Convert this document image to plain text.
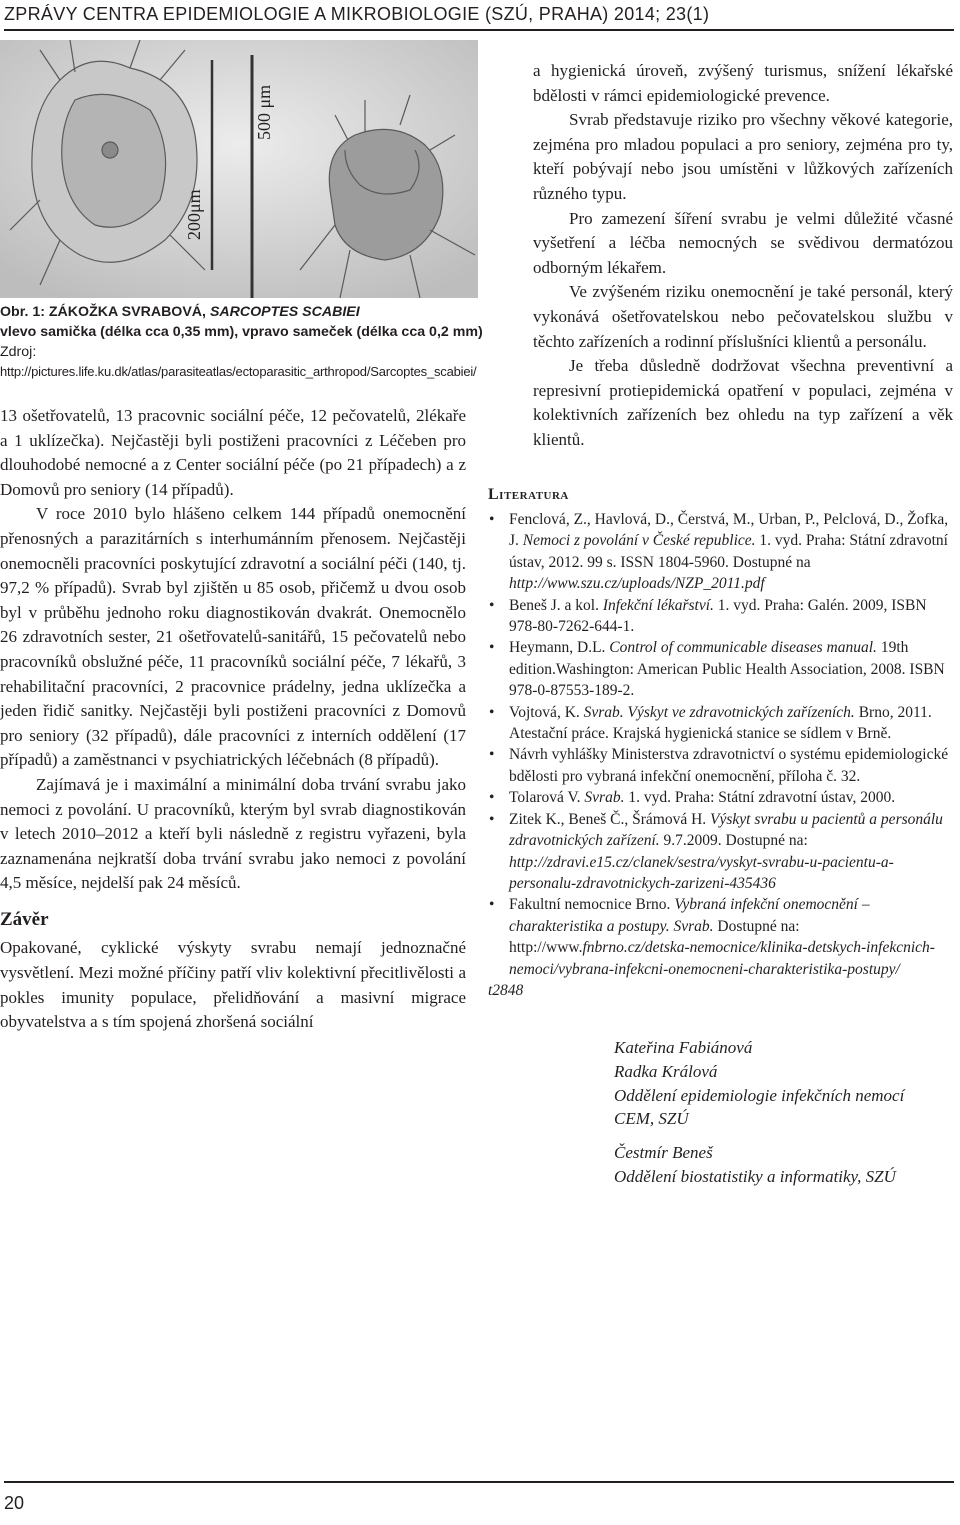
ZPRÁVY CENTRA EPIDEMIOLOGIE A MIKROBIOLOGIE (SZÚ, PRAHA) 2014; 23(1)
200μm
500 μm
Obr. 1: ZÁKOŽKA SVRABOVÁ, SARCOPTES SCABIEI
vlevo samička (délka cca 0,35 mm), vpravo sameček (délka cca 0,2 mm)
Zdroj:
http://pictures.life.ku.dk/atlas/parasiteatlas/ectoparasitic_arthropod/Sarcoptes_scabiei/

13 ošetřovatelů, 13 pracovnic sociální péče, 12 pečovatelů, 2lékaře a 1 uklízečka). Nejčastěji byli postiženi pracovníci z Léčeben pro dlouhodobé nemocné a z Center sociální péče (po 21 případech) a z Domovů pro seniory (14 případů).

V roce 2010 bylo hlášeno celkem 144 případů onemocnění přenosných a parazitárních s interhumánním přenosem. Nejčastěji onemocněli pracovníci poskytující zdravotní a sociální péči (140, tj. 97,2 % případů). Svrab byl zjištěn u 85 osob, přičemž u dvou osob byl v průběhu jednoho roku diagnostikován dvakrát. Onemocnělo 26 zdravotních sester, 21 ošetřovatelů-sanitářů, 15 pečovatelů nebo pracovníků obslužné péče, 11 pracovníků sociální péče, 7 lékařů, 3 rehabilitační pracovníci, 2 pracovnice prádelny, jedna uklízečka a jeden řidič sanitky. Nejčastěji byli postiženi pracovníci z Domovů pro seniory (32 případů), dále pracovníci z interních oddělení (17 případů) a zaměstnanci v psychiatrických léčebnách (8 případů).

Zajímavá je i maximální a minimální doba trvání svrabu jako nemoci z povolání. U pracovníků, kterým byl svrab diagnostikován v letech 2010–2012 a kteří byli následně z registru vyřazeni, byla zaznamenána nejkratší doba trvání svrabu jako nemoci z povolání 4,5 měsíce, nejdelší pak 24 měsíců.

Závěr

Opakované, cyklické výskyty svrabu nemají jednoznačné vysvětlení. Mezi možné příčiny patří vliv kolektivní přecitlivělosti a pokles imunity populace, přelidňování a masivní migrace obyvatelstva a s tím spojená zhoršená sociální

a hygienická úroveň, zvýšený turismus, snížení lékařské bdělosti v rámci epidemiologické prevence.

Svrab představuje riziko pro všechny věkové kategorie, zejména pro mladou populaci a pro seniory, zejména pro ty, kteří pobývají nebo jsou umístěni v lůžkových zařízeních různého typu.

Pro zamezení šíření svrabu je velmi důležité včasné vyšetření a léčba nemocných se svědivou dermatózou odborným lékařem.

Ve zvýšeném riziku onemocnění je také personál, který vykonává ošetřovatelskou nebo pečovatelskou službu v těchto zařízeních a rodinní příslušníci klientů a personálu.

Je třeba důsledně dodržovat všechna preventivní a represivní protiepidemická opatření v populaci, zejména v kolektivních zařízeních bez ohledu na typ zařízení a věk klientů.

Literatura
• Fenclová, Z., Havlová, D., Čerstvá, M., Urban, P., Pelclová, D., Žofka, J. Nemoci z povolání v České republice. 1. vyd. Praha: Státní zdravotní ústav, 2012. 99 s. ISSN 1804-5960. Dostupné na http://www.szu.cz/uploads/NZP_2011.pdf
• Beneš J. a kol. Infekční lékařství. 1. vyd. Praha: Galén. 2009, ISBN 978-80-7262-644-1.
• Heymann, D.L. Control of communicable diseases manual. 19th edition.Washington: American Public Health Association, 2008. ISBN 978-0-87553-189-2.
• Vojtová, K. Svrab. Výskyt ve zdravotnických zařízeních. Brno, 2011. Atestační práce. Krajská hygienická stanice se sídlem v Brně.
• Návrh vyhlášky Ministerstva zdravotnictví o systému epidemiologické bdělosti pro vybraná infekční onemocnění, příloha č. 32.
• Tolarová V. Svrab. 1. vyd. Praha: Státní zdravotní ústav, 2000.
• Zitek K., Beneš Č., Šrámová H. Výskyt svrabu u pacientů a personálu zdravotnických zařízení. 9.7.2009. Dostupné na: http://zdravi.e15.cz/clanek/sestra/vyskyt-svrabu-u-pacientu-a-personalu-zdravotnickych-zarizeni-435436
• Fakultní nemocnice Brno. Vybraná infekční onemocnění – charakteristika a postupy. Svrab. Dostupné na: http://www.fnbrno.cz/detska-nemocnice/klinika-detskych-infekcnich-nemoci/vybrana-infekcni-onemocneni-charakteristika-postupy/
t2848
Kateřina Fabiánová
Radka Králová
Oddělení epidemiologie infekčních nemocí
CEM, SZÚ
Čestmír Beneš
Oddělení biostatistiky a informatiky, SZÚ
20
